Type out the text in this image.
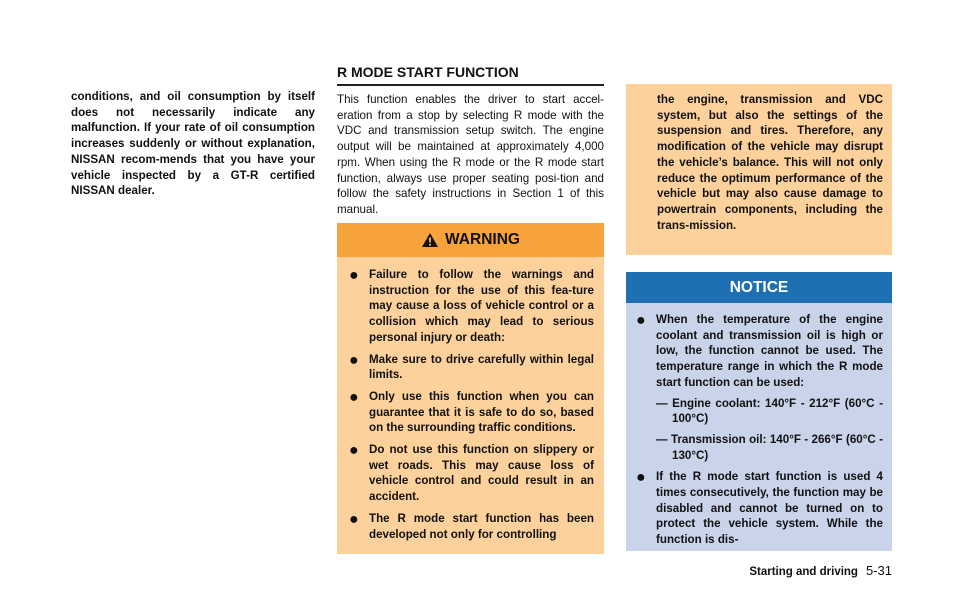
conditions, and oil consumption by itself does not necessarily indicate any malfunction. If your rate of oil consumption increases suddenly or without explanation, NISSAN recom-mends that you have your vehicle inspected by a GT-R certified NISSAN dealer.

R MODE START FUNCTION

This function enables the driver to start accel-eration from a stop by selecting R mode with the VDC and transmission setup switch. The engine output will be maintained at approximately 4,000 rpm. When using the R mode or the R mode start function, always use proper seating posi-tion and follow the safety instructions in Section 1 of this manual.

WARNING
● Failure to follow the warnings and instruction for the use of this fea-ture may cause a loss of vehicle control or a collision which may lead to serious personal injury or death:
● Make sure to drive carefully within legal limits.
● Only use this function when you can guarantee that it is safe to do so, based on the surrounding traffic conditions.
● Do not use this function on slippery or wet roads. This may cause loss of vehicle control and could result in an accident.
● The R mode start function has been developed not only for controlling

the engine, transmission and VDC system, but also the settings of the suspension and tires. Therefore, any modification of the vehicle may disrupt the vehicle’s balance. This will not only reduce the optimum performance of the vehicle but may also cause damage to powertrain components, including the trans-mission.

NOTICE
● When the temperature of the engine coolant and transmission oil is high or low, the function cannot be used. The temperature range in which the R mode start function can be used:
— Engine coolant: 140°F - 212°F (60°C - 100°C)
— Transmission oil: 140°F - 266°F (60°C - 130°C)
● If the R mode start function is used 4 times consecutively, the function may be disabled and cannot be turned on to protect the vehicle system. While the function is dis-
Starting and driving 5-31
